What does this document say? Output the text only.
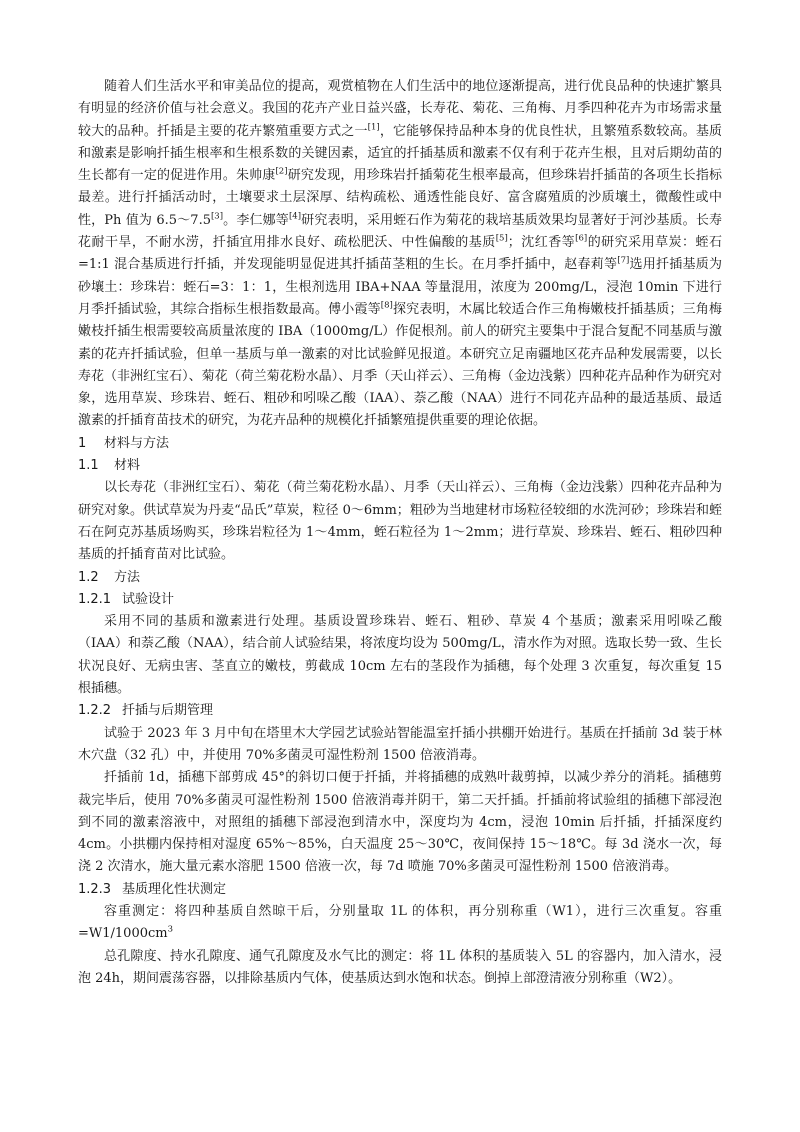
随着人们生活水平和审美品位的提高，观赏植物在人们生活中的地位逐渐提高，进行优良品种的快速扩繁具有明显的经济价值与社会意义。我国的花卉产业日益兴盛，长寿花、菊花、三角梅、月季四种花卉为市场需求量较大的品种。扦插是主要的花卉繁殖重要方式之一[1]，它能够保持品种本身的优良性状，且繁殖系数较高。基质和激素是影响扦插生根率和生根系数的关键因素，适宜的扦插基质和激素不仅有利于花卉生根，且对后期幼苗的生长都有一定的促进作用。朱帅康[2]研究发现，用珍珠岩扦插菊花生根率最高，但珍珠岩扦插苗的各项生长指标最差。进行扦插活动时，土壤要求土层深厚、结构疏松、通透性能良好、富含腐殖质的沙质壤土，微酸性或中性，Ph 值为 6.5～7.5[3]。李仁娜等[4]研究表明，采用蛭石作为菊花的栽培基质效果均显著好于河沙基质。长寿花耐干旱，不耐水涝，扦插宜用排水良好、疏松肥沃、中性偏酸的基质[5]；沈红香等[6]的研究采用草炭：蛭石=1:1 混合基质进行扦插，并发现能明显促进其扦插苗茎粗的生长。在月季扦插中，赵春莉等[7]选用扦插基质为砂壤土：珍珠岩：蛭石=3：1：1，生根剂选用 IBA+NAA 等量混用，浓度为 200mg/L，浸泡 10min 下进行月季扦插试验，其综合指标生根指数最高。傅小霞等[8]探究表明，木属比较适合作三角梅嫩枝扦插基质；三角梅嫩枝扦插生根需要较高质量浓度的 IBA（1000mg/L）作促根剂。前人的研究主要集中于混合复配不同基质与激素的花卉扦插试验，但单一基质与单一激素的对比试验鲜见报道。本研究立足南疆地区花卉品种发展需要，以长寿花（非洲红宝石）、菊花（荷兰菊花粉水晶）、月季（天山祥云）、三角梅（金边浅紫）四种花卉品种作为研究对象，选用草炭、珍珠岩、蛭石、粗砂和吲哚乙酸（IAA）、萘乙酸（NAA）进行不同花卉品种的最适基质、最适激素的扦插育苗技术的研究，为花卉品种的规模化扦插繁殖提供重要的理论依据。

1 材料与方法

1.1 材料

以长寿花（非洲红宝石）、菊花（荷兰菊花粉水晶）、月季（天山祥云）、三角梅（金边浅紫）四种花卉品种为研究对象。供试草炭为丹麦“品氏”草炭，粒径 0～6mm；粗砂为当地建材市场粒径较细的水洗河砂；珍珠岩和蛭石在阿克苏基质场购买，珍珠岩粒径为 1～4mm，蛭石粒径为 1～2mm；进行草炭、珍珠岩、蛭石、粗砂四种基质的扦插育苗对比试验。

1.2 方法

1.2.1 试验设计

采用不同的基质和激素进行处理。基质设置珍珠岩、蛭石、粗砂、草炭 4 个基质；激素采用吲哚乙酸（IAA）和萘乙酸（NAA），结合前人试验结果，将浓度均设为 500mg/L，清水作为对照。选取长势一致、生长状况良好、无病虫害、茎直立的嫩枝，剪截成 10cm 左右的茎段作为插穗，每个处理 3 次重复，每次重复 15 根插穗。

1.2.2 扦插与后期管理

试验于 2023 年 3 月中旬在塔里木大学园艺试验站智能温室扦插小拱棚开始进行。基质在扦插前 3d 装于林木穴盘（32 孔）中，并使用 70%多菌灵可湿性粉剂 1500 倍液消毒。

扦插前 1d，插穗下部剪成 45°的斜切口便于扦插，并将插穗的成熟叶裁剪掉，以减少养分的消耗。插穗剪裁完毕后，使用 70%多菌灵可湿性粉剂 1500 倍液消毒并阴干，第二天扦插。扦插前将试验组的插穗下部浸泡到不同的激素溶液中，对照组的插穗下部浸泡到清水中，深度均为 4cm，浸泡 10min 后扦插，扦插深度约 4cm。小拱棚内保持相对湿度 65%～85%，白天温度 25～30℃，夜间保持 15～18℃。每 3d 浇水一次，每浇 2 次清水，施大量元素水溶肥 1500 倍液一次，每 7d 喷施 70%多菌灵可湿性粉剂 1500 倍液消毒。

1.2.3 基质理化性状测定

容重测定：将四种基质自然晾干后，分别量取 1L 的体积，再分别称重（W1），进行三次重复。容重$=W1/1000cm^3$

总孔隙度、持水孔隙度、通气孔隙度及水气比的测定：将 1L 体积的基质装入 5L 的容器内，加入清水，浸泡 24h，期间震荡容器，以排除基质内气体，使基质达到水饱和状态。倒掉上部澄清液分别称重（W2）。
